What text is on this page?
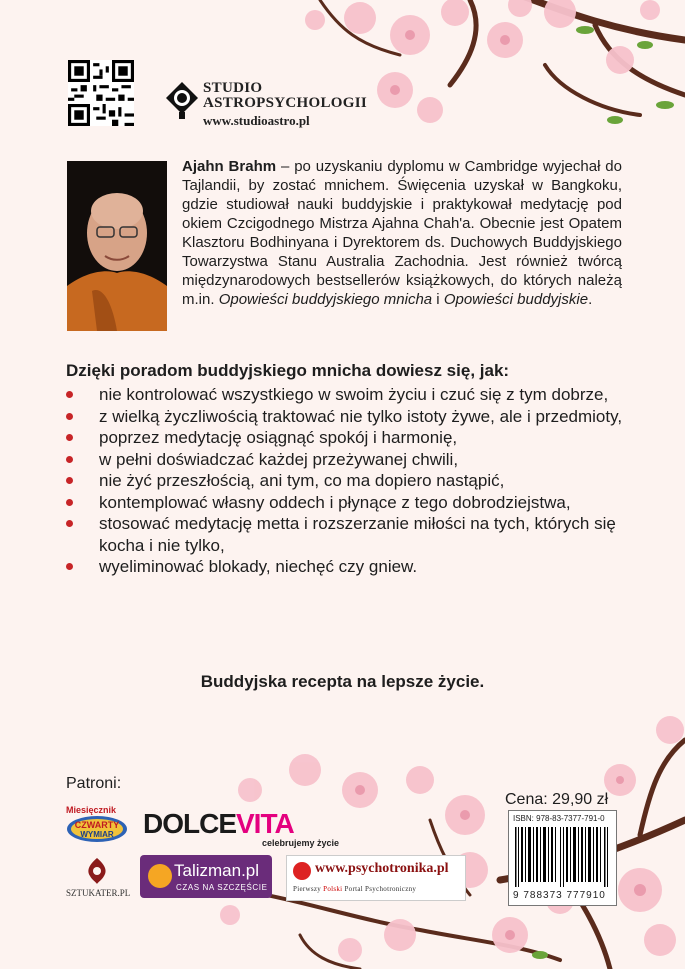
STUDIO
ASTROPSYCHOLOGII
www.studioastro.pl
Ajahn Brahm – po uzyskaniu dyplomu w Cambridge wyjechał do Tajlandii, by zostać mnichem. Święcenia uzyskał w Bangkoku, gdzie studiował nauki buddyjskie i praktykował medytację pod okiem Czcigodnego Mistrza Ajahna Chah'a. Obecnie jest Opatem Klasztoru Bodhinyana i Dyrektorem ds. Duchowych Buddyjskiego Towarzystwa Stanu Australia Zachodnia. Jest również twórcą międzynarodowych bestsellerów książkowych, do których należą m.in. Opowieści buddyjskiego mnicha i Opowieści buddyjskie.
Dzięki poradom buddyjskiego mnicha dowiesz się, jak:
nie kontrolować wszystkiego w swoim życiu i czuć się z tym dobrze,
z wielką życzliwością traktować nie tylko istoty żywe, ale i przedmioty,
poprzez medytację osiągnąć spokój i harmonię,
w pełni doświadczać każdej przeżywanej chwili,
nie żyć przeszłością, ani tym, co ma dopiero nastąpić,
kontemplować własny oddech i płynące z tego dobrodziejstwa,
stosować medytację metta i rozszerzanie miłości na tych, których się kocha i nie tylko,
wyeliminować blokady, niechęć czy gniew.
Buddyjska recepta na lepsze życie.
Patroni:
Cena: 29,90 zł
ISBN: 978-83-7377-791-0
9 788373 777910
Miesięcznik
CZWARTY
WYMIAR DOLCEVITA
celebrujemy życie
SZTUKATER.PL
Talizman.pl
CZAS NA SZCZĘŚCIE
www.psychotronika.pl
Pierwszy Polski Portal Psychotroniczny
